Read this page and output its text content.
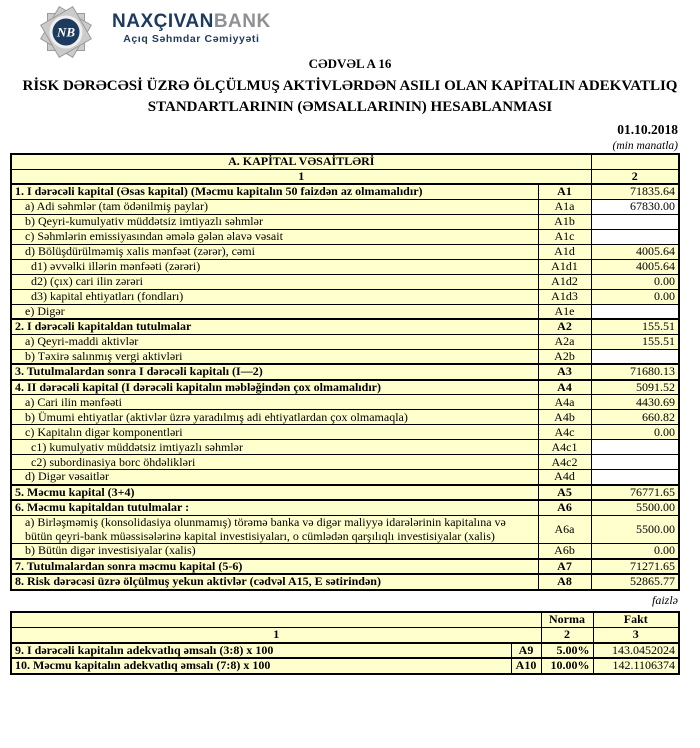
NB
NAXÇIVANBANK
Açıq Səhmdar Cəmiyyəti
CƏDVƏL A 16
RİSK DƏRƏCƏSİ ÜZRƏ ÖLÇÜLMUŞ AKTİVLƏRDƏN ASILI OLAN KAPİTALIN ADEKVATLIQ
STANDARTLARININ (ƏMSALLARININ) HESABLANMASI
01.10.2018
(min manatla)
A. KAPİTAL VƏSAİTLƏRİ		
1		2
1. I dərəcəli kapital (Əsas kapital) (Məcmu kapitalın 50 faizdən az olmamalıdır)	A1	71835.64
a) Adi səhmlər (tam ödənilmiş paylar)	A1a	67830.00
b) Qeyri-kumulyativ müddətsiz imtiyazlı səhmlər	A1b	
c) Səhmlərin emissiyasından əmələ gələn əlavə vəsait	A1c	
d) Bölüşdürülməmiş xalis mənfəət (zərər), cəmi	A1d	4005.64
d1) əvvəlki illərin mənfəəti (zərəri)	A1d1	4005.64
d2) (çıx) cari ilin zərəri	A1d2	0.00
d3) kapital ehtiyatları (fondları)	A1d3	0.00
e) Digər	A1e	
2. I dərəcəli kapitaldan tutulmalar	A2	155.51
a) Qeyri-maddi aktivlər	A2a	155.51
b) Təxirə salınmış vergi aktivləri	A2b	
3. Tutulmalardan sonra I dərəcəli kapitalı (I—2)	A3	71680.13
4. II dərəcəli kapital (I dərəcəli kapitalın məbləğindən çox olmamalıdır)	A4	5091.52
a) Cari ilin mənfəəti	A4a	4430.69
b) Ümumi ehtiyatlar (aktivlər üzrə yaradılmış adi ehtiyatlardan çox olmamaqla)	A4b	660.82
c) Kapitalın digər komponentləri	A4c	0.00
c1) kumulyativ müddətsiz imtiyazlı səhmlər	A4c1	
c2) subordinasiya borc öhdəlikləri	A4c2	
d) Digər vəsaitlər	A4d	
5. Məcmu kapital (3+4)	A5	76771.65
6. Məcmu kapitaldan tutulmalar :	A6	5500.00
a) Birləşməmiş (konsolidasiya olunmamış) törəmə banka və digər maliyyə idarələrinin kapitalına və bütün qeyri-bank müəssisələrinə kapital investisiyaları, o cümlədən qarşılıqlı investisiyalar (xalis)	A6a	5500.00
b) Bütün digər investisiyalar (xalis)	A6b	0.00
7. Tutulmalardan sonra məcmu kapital (5-6)	A7	71271.65
8. Risk dərəcəsi üzrə ölçülmuş yekun aktivlər (cədvəl A15, E sətirindən)	A8	52865.77
faizlə
		Norma	Fakt
1		2	3
9. I dərəcəli kapitalın adekvatlıq əmsalı (3:8) x 100	A9	5.00%	143.0452024
10. Məcmu kapitalın adekvatlıq əmsalı (7:8) x 100	A10	10.00%	142.1106374
